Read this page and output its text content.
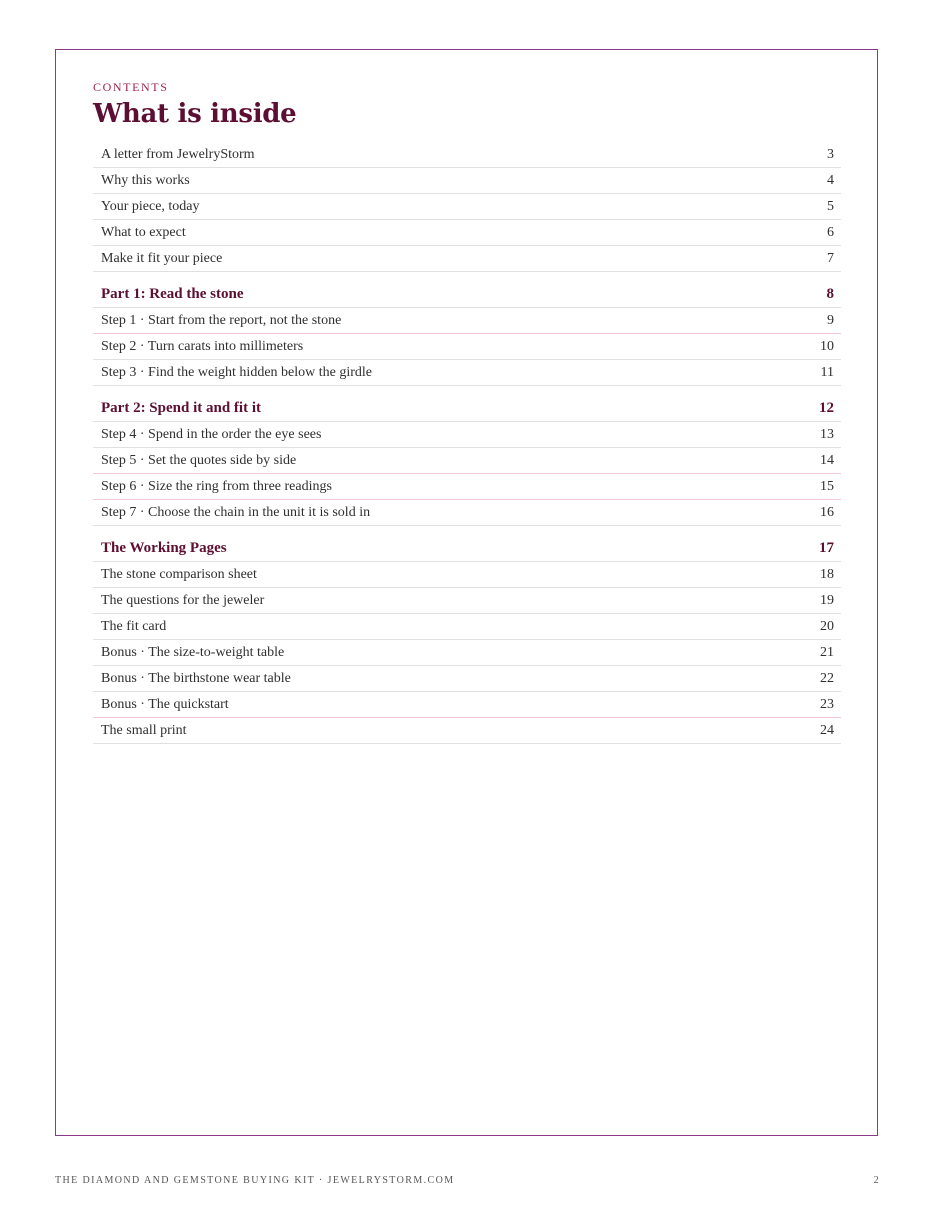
CONTENTS
What is inside
A letter from JewelryStorm	3
Why this works	4
Your piece, today	5
What to expect	6
Make it fit your piece	7
Part 1: Read the stone	8
Step 1 · Start from the report, not the stone	9
Step 2 · Turn carats into millimeters	10
Step 3 · Find the weight hidden below the girdle	11
Part 2: Spend it and fit it	12
Step 4 · Spend in the order the eye sees	13
Step 5 · Set the quotes side by side	14
Step 6 · Size the ring from three readings	15
Step 7 · Choose the chain in the unit it is sold in	16
The Working Pages	17
The stone comparison sheet	18
The questions for the jeweler	19
The fit card	20
Bonus · The size-to-weight table	21
Bonus · The birthstone wear table	22
Bonus · The quickstart	23
The small print	24
THE DIAMOND AND GEMSTONE BUYING KIT · JEWELRYSTORM.COM	2
